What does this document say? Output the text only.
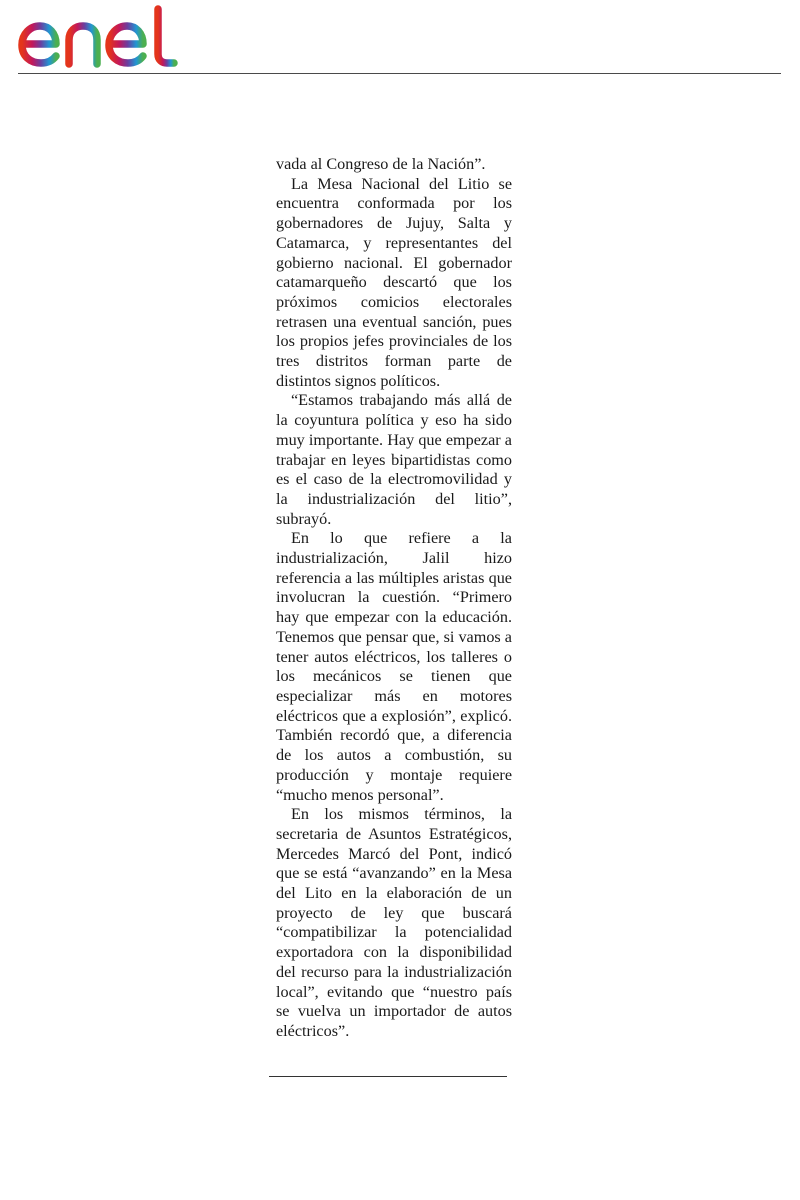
vada al Congreso de la Nación”.

La Mesa Nacional del Litio se encuentra conformada por los gobernadores de Jujuy, Salta y Catamarca, y representantes del gobierno nacional. El gobernador catamarqueño descartó que los próximos comicios electorales retrasen una eventual sanción, pues los propios jefes provinciales de los tres distritos forman parte de distintos signos políticos.

“Estamos trabajando más allá de la coyuntura política y eso ha sido muy importante. Hay que empezar a trabajar en leyes bipartidistas como es el caso de la electromovilidad y la industrialización del litio”, subrayó.

En lo que refiere a la industrialización, Jalil hizo referencia a las múltiples aristas que involucran la cuestión. “Primero hay que empezar con la educación. Tenemos que pensar que, si vamos a tener autos eléctricos, los talleres o los mecánicos se tienen que especializar más en motores eléctricos que a explosión”, explicó. También recordó que, a diferencia de los autos a combustión, su producción y montaje requiere “mucho menos personal”.

En los mismos términos, la secretaria de Asuntos Estratégicos, Mercedes Marcó del Pont, indicó que se está “avanzando” en la Mesa del Lito en la elaboración de un proyecto de ley que buscará “compatibilizar la potencialidad exportadora con la disponibilidad del recurso para la industrialización local”, evitando que “nuestro país se vuelva un importador de autos eléctricos”.
